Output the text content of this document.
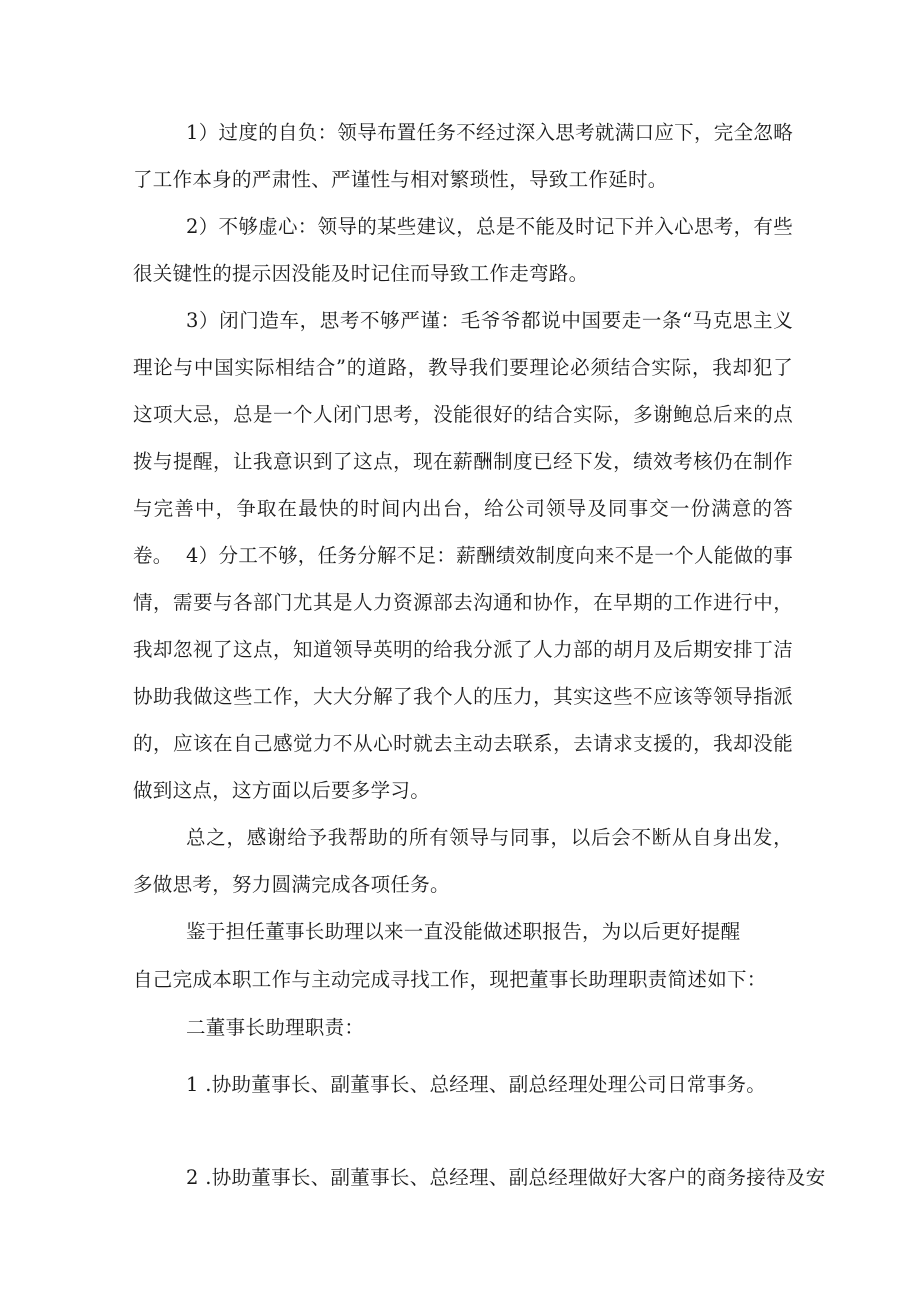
1）过度的自负：领导布置任务不经过深入思考就满口应下，完全忽略了工作本身的严肃性、严谨性与相对繁琐性，导致工作延时。

2）不够虚心：领导的某些建议，总是不能及时记下并入心思考，有些很关键性的提示因没能及时记住而导致工作走弯路。

3）闭门造车，思考不够严谨：毛爷爷都说中国要走一条“马克思主义理论与中国实际相结合”的道路，教导我们要理论必须结合实际，我却犯了这项大忌，总是一个人闭门思考，没能很好的结合实际，多谢鲍总后来的点拨与提醒，让我意识到了这点，现在薪酬制度已经下发，绩效考核仍在制作与完善中，争取在最快的时间内出台，给公司领导及同事交一份满意的答卷。 4）分工不够，任务分解不足：薪酬绩效制度向来不是一个人能做的事情，需要与各部门尤其是人力资源部去沟通和协作，在早期的工作进行中，我却忽视了这点，知道领导英明的给我分派了人力部的胡月及后期安排丁洁协助我做这些工作，大大分解了我个人的压力，其实这些不应该等领导指派的，应该在自己感觉力不从心时就去主动去联系，去请求支援的，我却没能做到这点，这方面以后要多学习。

总之，感谢给予我帮助的所有领导与同事，以后会不断从自身出发，多做思考，努力圆满完成各项任务。

鉴于担任董事长助理以来一直没能做述职报告，为以后更好提醒

自己完成本职工作与主动完成寻找工作，现把董事长助理职责简述如下：

二董事长助理职责：

1 .协助董事长、副董事长、总经理、副总经理处理公司日常事务。

2 .协助董事长、副董事长、总经理、副总经理做好大客户的商务接待及安
